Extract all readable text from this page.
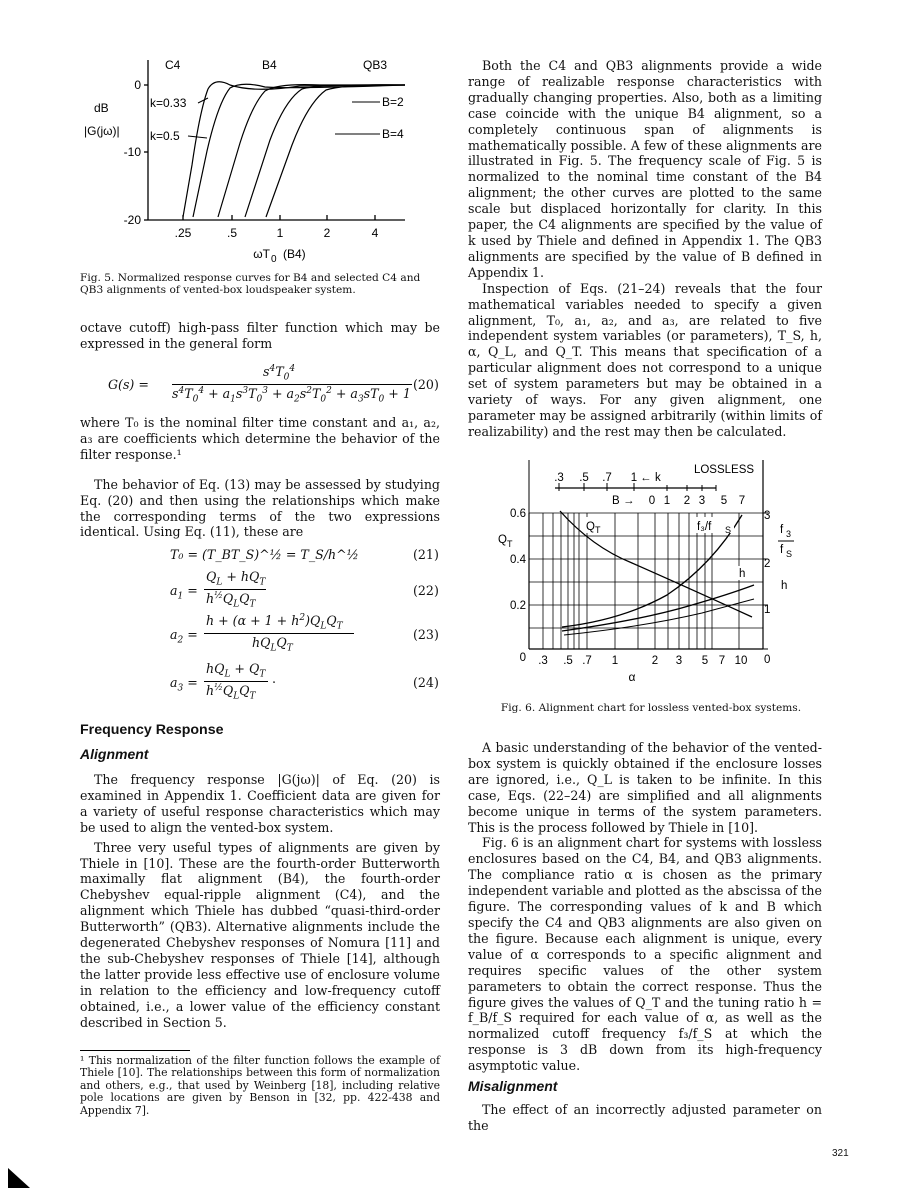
C4	B4	QB3
0
-10
-20
dB
|G(jω)|
k=0.33
k=0.5
B=2
B=4
.25	.5	1	2	4
ωT 0 (B4)
Fig. 5. Normalized response curves for B4 and selected C4 and QB3 alignments of vented-box loudspeaker system.

octave cutoff) high-pass filter function which may be expressed in the general form

G(s) =
$s^4T_0^4$
$s^4T_0^4 + a_1s^3T_0^3 + a_2s^2T_0^2 + a_3sT_0 + 1$
(20)

where T₀ is the nominal filter time constant and a₁, a₂, a₃ are coefficients which determine the behavior of the filter response.¹

The behavior of Eq. (13) may be assessed by studying Eq. (20) and then using the relationships which make the corresponding terms of the two expressions identical. Using Eq. (11), these are

T₀ = (T_BT_S)^½ = T_S/h^½	(21)
$a_1$ =
$Q_L + hQ_T$
$h^{\frac{1}{2}}Q_LQ_T$
(22)
$a_2$ =
$h + (\alpha + 1 + h^2)Q_LQ_T$
$hQ_LQ_T$
(23)
$a_3$ =
$hQ_L + Q_T$
$h^{\frac{1}{2}}Q_LQ_T$
.	(24)
Frequency Response
Alignment

The frequency response |G(jω)| of Eq. (20) is examined in Appendix 1. Coefficient data are given for a variety of useful response characteristics which may be used to align the vented-box system.

Three very useful types of alignments are given by Thiele in [10]. These are the fourth-order Butterworth maximally flat alignment (B4), the fourth-order Chebyshev equal-ripple alignment (C4), and the alignment which Thiele has dubbed “quasi-third-order Butterworth” (QB3). Alternative alignments include the degenerated Chebyshev responses of Nomura [11] and the sub-Chebyshev responses of Thiele [14], although the latter provide less effective use of enclosure volume in relation to the efficiency and low-frequency cutoff obtained, i.e., a lower value of the efficiency constant described in Section 5.

¹ This normalization of the filter function follows the example of Thiele [10]. The relationships between this form of normalization and others, e.g., that used by Weinberg [18], including relative pole locations are given by Benson in [32, pp. 422-438 and Appendix 7].

Both the C4 and QB3 alignments provide a wide range of realizable response characteristics with gradually changing properties. Also, both as a limiting case coincide with the unique B4 alignment, so a completely continuous span of alignments is mathematically possible. A few of these alignments are illustrated in Fig. 5. The frequency scale of Fig. 5 is normalized to the nominal time constant of the B4 alignment; the other curves are plotted to the same scale but displaced horizontally for clarity. In this paper, the C4 alignments are specified by the value of k used by Thiele and defined in Appendix 1. The QB3 alignments are specified by the value of B defined in Appendix 1.

Inspection of Eqs. (21–24) reveals that the four mathematical variables needed to specify a given alignment, T₀, a₁, a₂, and a₃, are related to five independent system variables (or parameters), T_S, h, α, Q_L, and Q_T. This means that specification of a particular alignment does not correspond to a unique set of system parameters but may be obtained in a variety of ways. For any given alignment, one parameter may be assigned arbitrarily (within limits of realizability) and the rest may then be calculated.

LOSSLESS
.3 .5 .7 1 ← k
B → 0 1 2 3 5 7
0.6
0.4
0.2
0
Q T
3
2
1
0
f 3
f S
h
Q T	f₃/f S
h
.3 .5 .7 1	2 3 5 7 10
α
Fig. 6. Alignment chart for lossless vented-box systems.

A basic understanding of the behavior of the vented-box system is quickly obtained if the enclosure losses are ignored, i.e., Q_L is taken to be infinite. In this case, Eqs. (22–24) are simplified and all alignments become unique in terms of the system parameters. This is the process followed by Thiele in [10].

Fig. 6 is an alignment chart for systems with lossless enclosures based on the C4, B4, and QB3 alignments. The compliance ratio α is chosen as the primary independent variable and plotted as the abscissa of the figure. The corresponding values of k and B which specify the C4 and QB3 alignments are also given on the figure. Because each alignment is unique, every value of α corresponds to a specific alignment and requires specific values of the other system parameters to obtain the correct response. Thus the figure gives the values of Q_T and the tuning ratio h = f_B/f_S required for each value of α, as well as the normalized cutoff frequency f₃/f_S at which the response is 3 dB down from its high-frequency asymptotic value.

Misalignment

The effect of an incorrectly adjusted parameter on the

321
